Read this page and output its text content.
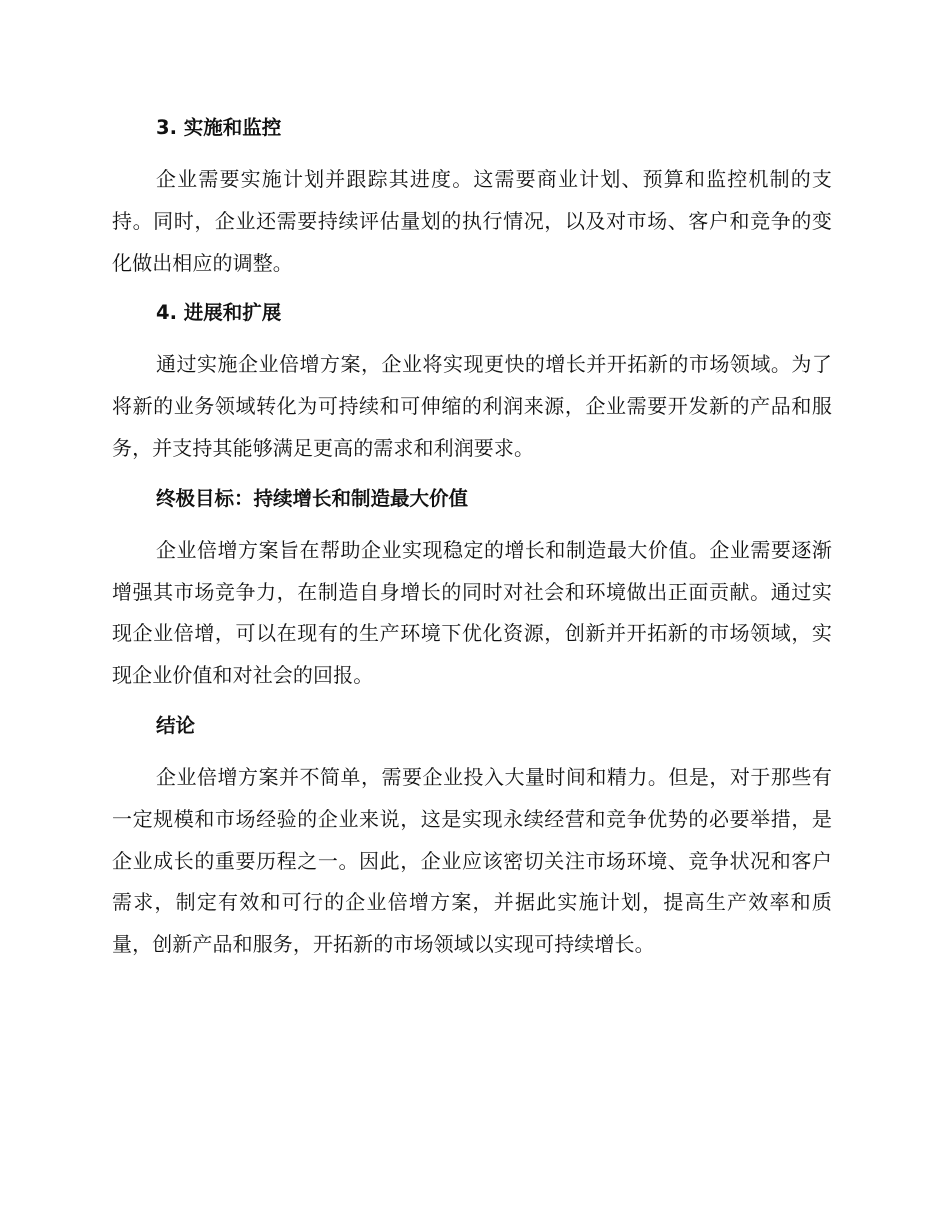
3. 实施和监控

企业需要实施计划并跟踪其进度。这需要商业计划、预算和监控机制的支持。同时，企业还需要持续评估量划的执行情况，以及对市场、客户和竞争的变化做出相应的调整。

4. 进展和扩展

通过实施企业倍增方案，企业将实现更快的增长并开拓新的市场领域。为了将新的业务领域转化为可持续和可伸缩的利润来源，企业需要开发新的产品和服务，并支持其能够满足更高的需求和利润要求。

终极目标：持续增长和制造最大价值

企业倍增方案旨在帮助企业实现稳定的增长和制造最大价值。企业需要逐渐增强其市场竞争力，在制造自身增长的同时对社会和环境做出正面贡献。通过实现企业倍增，可以在现有的生产环境下优化资源，创新并开拓新的市场领域，实现企业价值和对社会的回报。

结论

企业倍增方案并不简单，需要企业投入大量时间和精力。但是，对于那些有一定规模和市场经验的企业来说，这是实现永续经营和竞争优势的必要举措，是企业成长的重要历程之一。因此，企业应该密切关注市场环境、竞争状况和客户需求，制定有效和可行的企业倍增方案，并据此实施计划，提高生产效率和质量，创新产品和服务，开拓新的市场领域以实现可持续增长。
